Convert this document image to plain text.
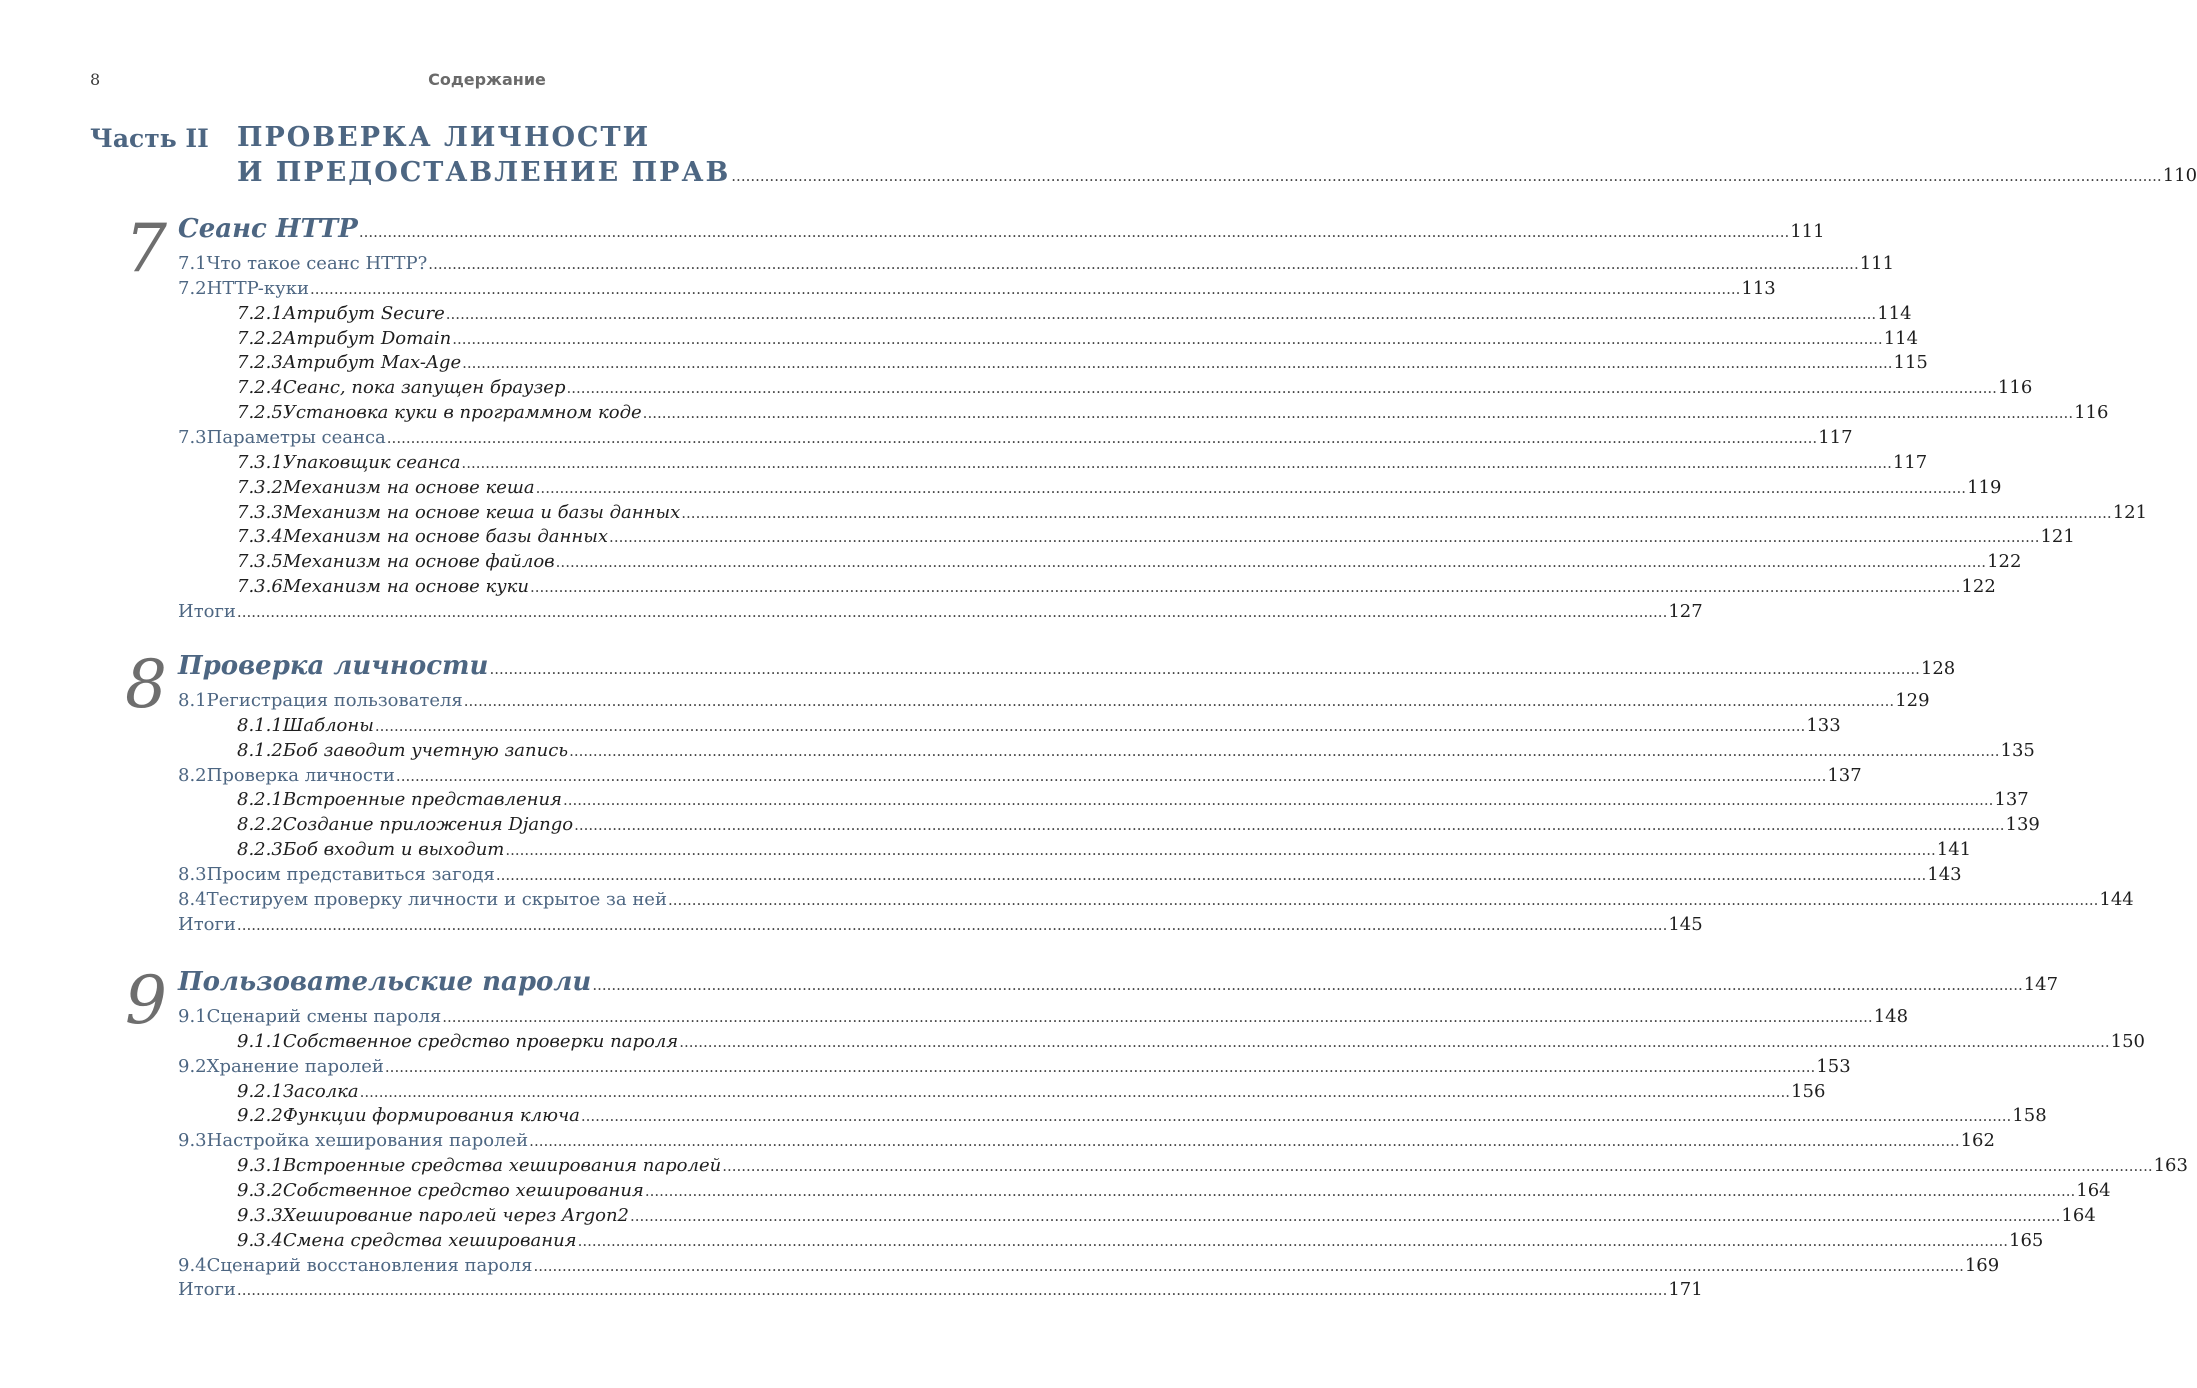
8	Содержание
Часть II ПРОВЕРКА ЛИЧНОСТИ
И ПРЕДОСТАВЛЕНИЕ ПРАВ ............................................................................................................................................................................................................................................................................................................ 110
7 Сеанс HTTP ............................................................................................................................................................................................................................................................................................................ 111
7.1 Что такое сеанс HTTP? ............................................................................................................................................................................................................................................................................................................ 111
7.2 HTTP-куки ............................................................................................................................................................................................................................................................................................................ 113
7.2.1 Атрибут Secure ............................................................................................................................................................................................................................................................................................................ 114
7.2.2 Атрибут Domain ............................................................................................................................................................................................................................................................................................................ 114
7.2.3 Атрибут Max-Age ............................................................................................................................................................................................................................................................................................................ 115
7.2.4 Сеанс, пока запущен браузер ............................................................................................................................................................................................................................................................................................................ 116
7.2.5 Установка куки в программном коде ............................................................................................................................................................................................................................................................................................................ 116
7.3 Параметры сеанса ............................................................................................................................................................................................................................................................................................................ 117
7.3.1 Упаковщик сеанса ............................................................................................................................................................................................................................................................................................................ 117
7.3.2 Механизм на основе кеша ............................................................................................................................................................................................................................................................................................................ 119
7.3.3 Механизм на основе кеша и базы данных ............................................................................................................................................................................................................................................................................................................ 121
7.3.4 Механизм на основе базы данных ............................................................................................................................................................................................................................................................................................................ 121
7.3.5 Механизм на основе файлов ............................................................................................................................................................................................................................................................................................................ 122
7.3.6 Механизм на основе куки ............................................................................................................................................................................................................................................................................................................ 122
Итоги ............................................................................................................................................................................................................................................................................................................ 127
8 Проверка личности ............................................................................................................................................................................................................................................................................................................ 128
8.1 Регистрация пользователя ............................................................................................................................................................................................................................................................................................................ 129
8.1.1 Шаблоны ............................................................................................................................................................................................................................................................................................................ 133
8.1.2 Боб заводит учетную запись ............................................................................................................................................................................................................................................................................................................ 135
8.2 Проверка личности ............................................................................................................................................................................................................................................................................................................ 137
8.2.1 Встроенные представления ............................................................................................................................................................................................................................................................................................................ 137
8.2.2 Создание приложения Django ............................................................................................................................................................................................................................................................................................................ 139
8.2.3 Боб входит и выходит ............................................................................................................................................................................................................................................................................................................ 141
8.3 Просим представиться загодя ............................................................................................................................................................................................................................................................................................................ 143
8.4 Тестируем проверку личности и скрытое за ней ............................................................................................................................................................................................................................................................................................................ 144
Итоги ............................................................................................................................................................................................................................................................................................................ 145
9 Пользовательские пароли ............................................................................................................................................................................................................................................................................................................ 147
9.1 Сценарий смены пароля ............................................................................................................................................................................................................................................................................................................ 148
9.1.1 Собственное средство проверки пароля ............................................................................................................................................................................................................................................................................................................ 150
9.2 Хранение паролей ............................................................................................................................................................................................................................................................................................................ 153
9.2.1 Засолка ............................................................................................................................................................................................................................................................................................................ 156
9.2.2 Функции формирования ключа ............................................................................................................................................................................................................................................................................................................ 158
9.3 Настройка хеширования паролей ............................................................................................................................................................................................................................................................................................................ 162
9.3.1 Встроенные средства хеширования паролей ............................................................................................................................................................................................................................................................................................................ 163
9.3.2 Собственное средство хеширования ............................................................................................................................................................................................................................................................................................................ 164
9.3.3 Хеширование паролей через Argon2 ............................................................................................................................................................................................................................................................................................................ 164
9.3.4 Смена средства хеширования ............................................................................................................................................................................................................................................................................................................ 165
9.4 Сценарий восстановления пароля ............................................................................................................................................................................................................................................................................................................ 169
Итоги ............................................................................................................................................................................................................................................................................................................ 171
